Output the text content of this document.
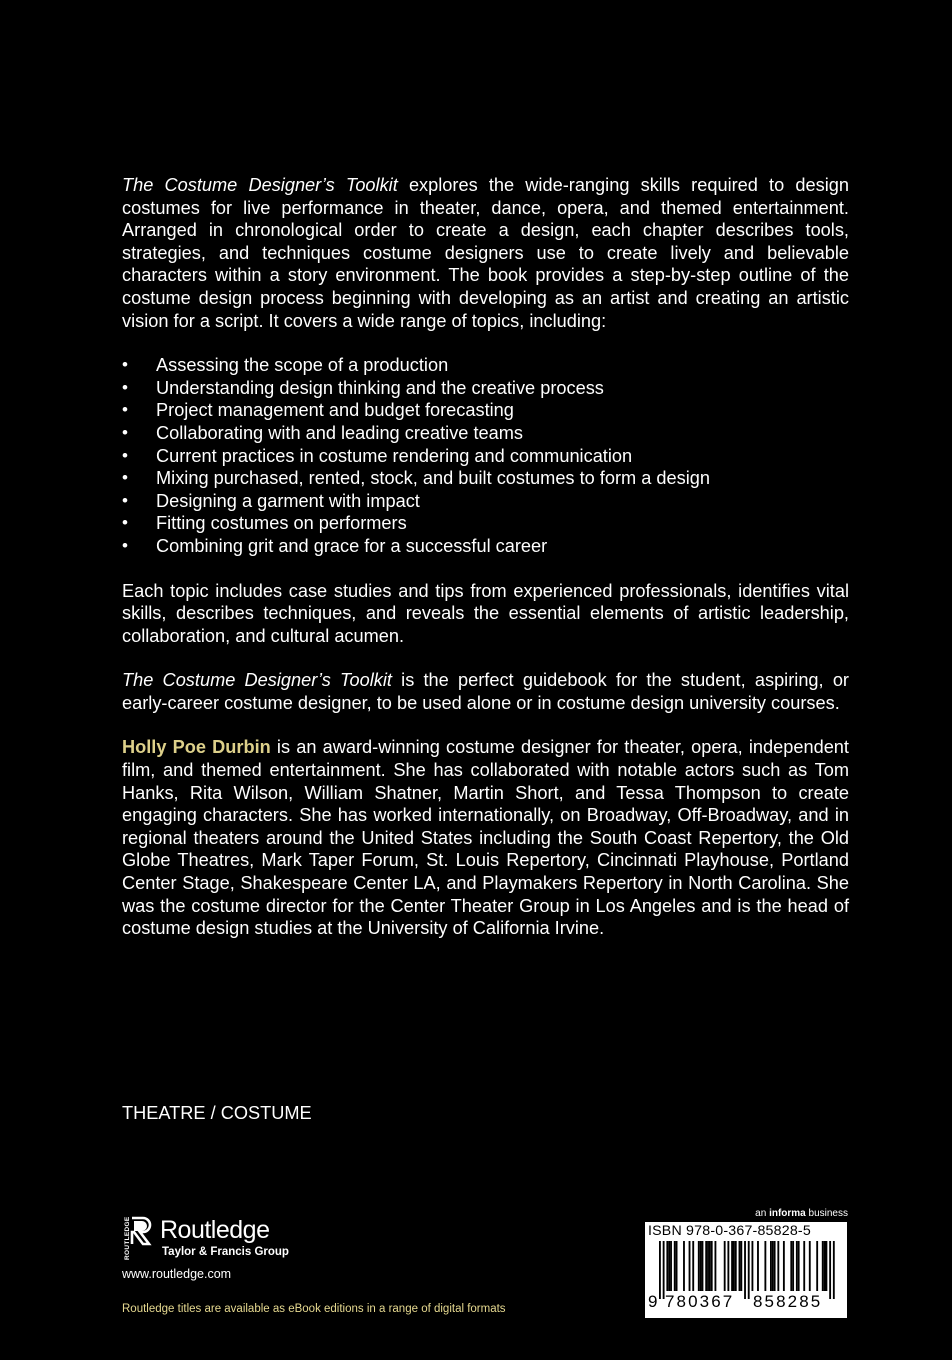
The Costume Designer’s Toolkit explores the wide-ranging skills required to design costumes for live performance in theater, dance, opera, and themed entertainment. Arranged in chronological order to create a design, each chapter describes tools, strategies, and techniques costume designers use to create lively and believable characters within a story environment. The book provides a step-by-step outline of the costume design process beginning with developing as an artist and creating an artistic vision for a script. It covers a wide range of topics, including:

• Assessing the scope of a production
• Understanding design thinking and the creative process
• Project management and budget forecasting
• Collaborating with and leading creative teams
• Current practices in costume rendering and communication
• Mixing purchased, rented, stock, and built costumes to form a design
• Designing a garment with impact
• Fitting costumes on performers
• Combining grit and grace for a successful career

Each topic includes case studies and tips from experienced professionals, identifies vital skills, describes techniques, and reveals the essential elements of artistic leadership, collaboration, and cultural acumen.

The Costume Designer’s Toolkit is the perfect guidebook for the student, aspiring, or early-career costume designer, to be used alone or in costume design university courses.

Holly Poe Durbin is an award-winning costume designer for theater, opera, independent film, and themed entertainment. She has collaborated with notable actors such as Tom Hanks, Rita Wilson, William Shatner, Martin Short, and Tessa Thompson to create engaging characters. She has worked internationally, on Broadway, Off-Broadway, and in regional theaters around the United States including the South Coast Repertory, the Old Globe Theatres, Mark Taper Forum, St. Louis Repertory, Cincinnati Playhouse, Portland Center Stage, Shakespeare Center LA, and Playmakers Repertory in North Carolina. She was the costume director for the Center Theater Group in Los Angeles and is the head of costume design studies at the University of California Irvine.

THEATRE / COSTUME
ROUTLEDGE Routledge
Taylor & Francis Group
www.routledge.com
Routledge titles are available as eBook editions in a range of digital formats
an informa business
ISBN 978-0-367-85828-5
9 780367 858285
